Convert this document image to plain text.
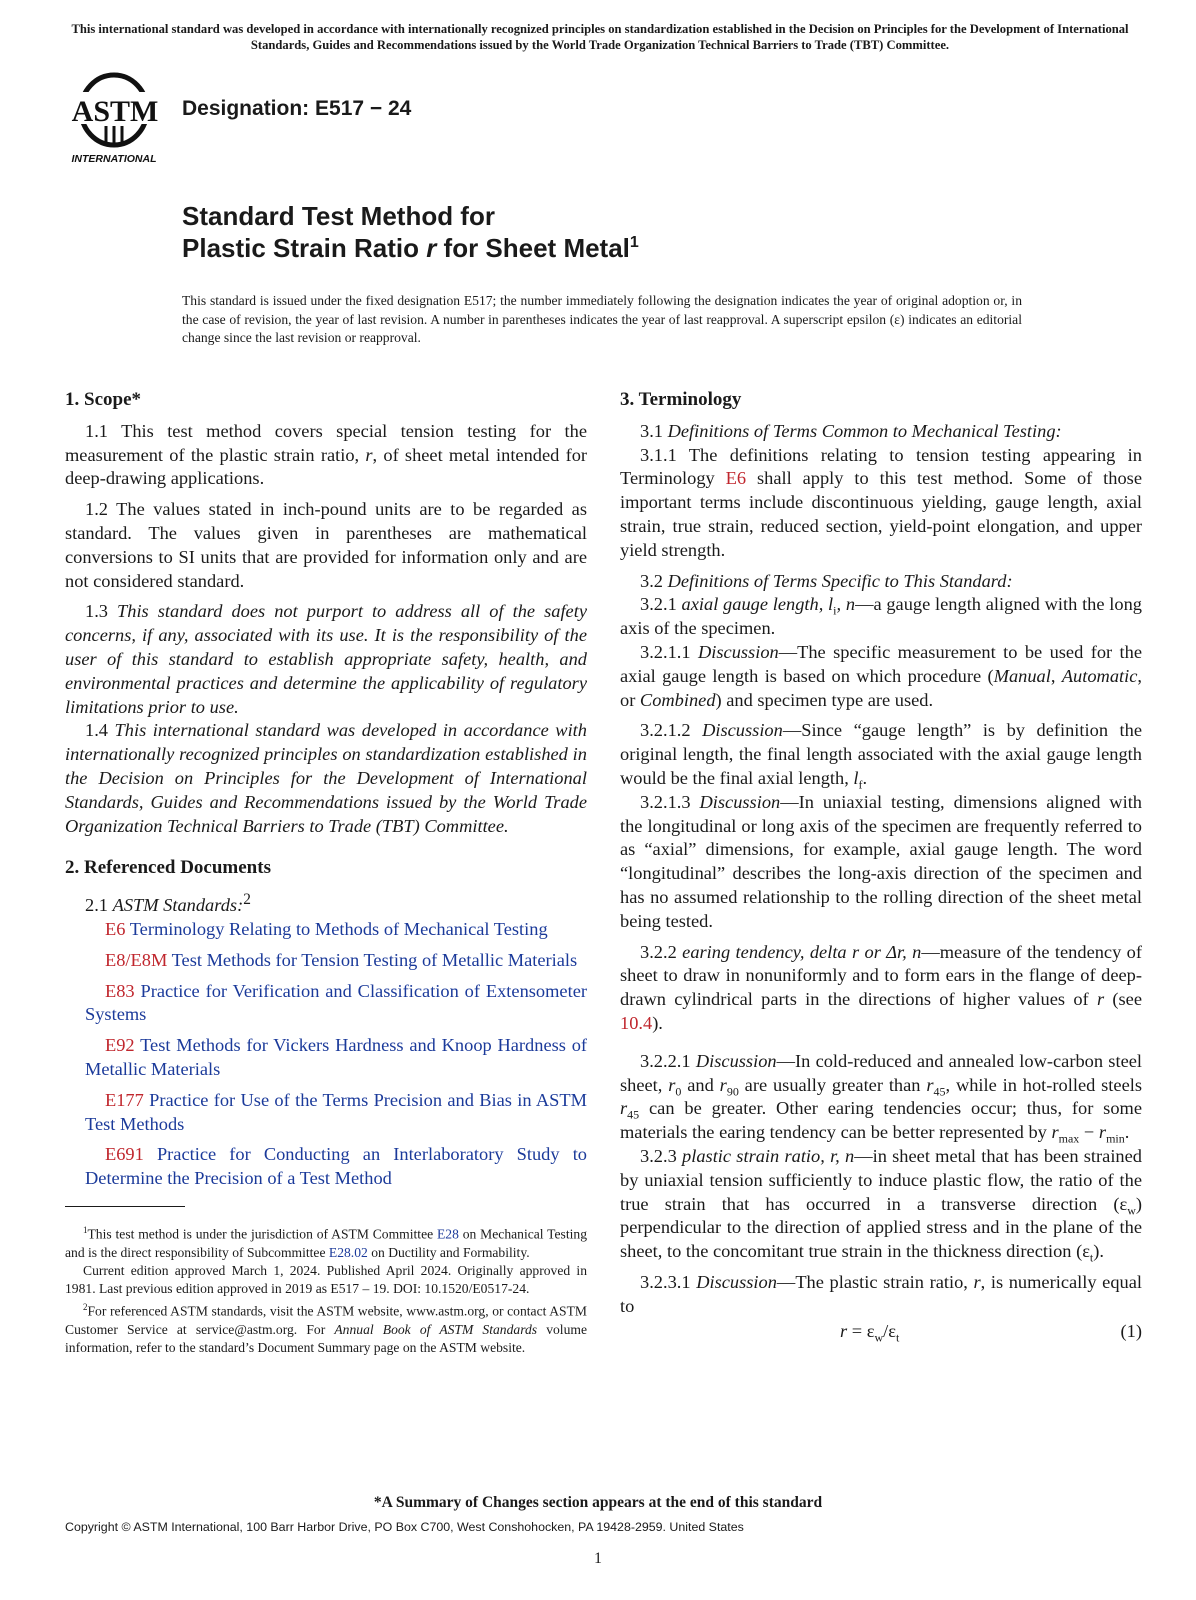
This international standard was developed in accordance with internationally recognized principles on standardization established in the Decision on Principles for the Development of International Standards, Guides and Recommendations issued by the World Trade Organization Technical Barriers to Trade (TBT) Committee.
ASTM
INTERNATIONAL
Designation: E517 − 24
Standard Test Method for
Plastic Strain Ratio r for Sheet Metal$^1$
This standard is issued under the fixed designation E517; the number immediately following the designation indicates the year of original adoption or, in the case of revision, the year of last revision. A number in parentheses indicates the year of last reapproval. A superscript epsilon (ε) indicates an editorial change since the last revision or reapproval.
1. Scope*

1.1 This test method covers special tension testing for the measurement of the plastic strain ratio, r, of sheet metal intended for deep-drawing applications.

1.2 The values stated in inch-pound units are to be regarded as standard. The values given in parentheses are mathematical conversions to SI units that are provided for information only and are not considered standard.

1.3 This standard does not purport to address all of the safety concerns, if any, associated with its use. It is the responsibility of the user of this standard to establish appropriate safety, health, and environmental practices and determine the applicability of regulatory limitations prior to use.

1.4 This international standard was developed in accordance with internationally recognized principles on standardization established in the Decision on Principles for the Development of International Standards, Guides and Recommendations issued by the World Trade Organization Technical Barriers to Trade (TBT) Committee.

2. Referenced Documents

2.1 ASTM Standards:$^2$

E6 Terminology Relating to Methods of Mechanical Testing

E8/E8M Test Methods for Tension Testing of Metallic Materials

E83 Practice for Verification and Classification of Extensometer Systems

E92 Test Methods for Vickers Hardness and Knoop Hardness of Metallic Materials

E177 Practice for Use of the Terms Precision and Bias in ASTM Test Methods

E691 Practice for Conducting an Interlaboratory Study to Determine the Precision of a Test Method

$^1$This test method is under the jurisdiction of ASTM Committee E28 on Mechanical Testing and is the direct responsibility of Subcommittee E28.02 on Ductility and Formability.

Current edition approved March 1, 2024. Published April 2024. Originally approved in 1981. Last previous edition approved in 2019 as E517 – 19. DOI: 10.1520/E0517-24.

$^2$For referenced ASTM standards, visit the ASTM website, www.astm.org, or contact ASTM Customer Service at service@astm.org. For Annual Book of ASTM Standards volume information, refer to the standard’s Document Summary page on the ASTM website.

3. Terminology

3.1 Definitions of Terms Common to Mechanical Testing:

3.1.1 The definitions relating to tension testing appearing in Terminology E6 shall apply to this test method. Some of those important terms include discontinuous yielding, gauge length, axial strain, true strain, reduced section, yield-point elongation, and upper yield strength.

3.2 Definitions of Terms Specific to This Standard:

3.2.1 axial gauge length, $l_i$, n—a gauge length aligned with the long axis of the specimen.

3.2.1.1 Discussion—The specific measurement to be used for the axial gauge length is based on which procedure (Manual, Automatic, or Combined) and specimen type are used.

3.2.1.2 Discussion—Since “gauge length” is by definition the original length, the final length associated with the axial gauge length would be the final axial length, $l_f$.

3.2.1.3 Discussion—In uniaxial testing, dimensions aligned with the longitudinal or long axis of the specimen are frequently referred to as “axial” dimensions, for example, axial gauge length. The word “longitudinal” describes the long-axis direction of the specimen and has no assumed relationship to the rolling direction of the sheet metal being tested.

3.2.2 earing tendency, delta r or Δr, n—measure of the tendency of sheet to draw in nonuniformly and to form ears in the flange of deep-drawn cylindrical parts in the directions of higher values of r (see 10.4).

3.2.2.1 Discussion—In cold-reduced and annealed low-carbon steel sheet, $r_0$ and $r_{90}$ are usually greater than $r_{45}$, while in hot-rolled steels $r_{45}$ can be greater. Other earing tendencies occur; thus, for some materials the earing tendency can be better represented by $r_{max} - r_{min}$.

3.2.3 plastic strain ratio, r, n—in sheet metal that has been strained by uniaxial tension sufficiently to induce plastic flow, the ratio of the true strain that has occurred in a transverse direction $(\varepsilon_w)$ perpendicular to the direction of applied stress and in the plane of the sheet, to the concomitant true strain in the thickness direction $(\varepsilon_t)$.

3.2.3.1 Discussion—The plastic strain ratio, r, is numerically equal to

$r = \varepsilon_w/\varepsilon_t$	(1)
*A Summary of Changes section appears at the end of this standard
Copyright © ASTM International, 100 Barr Harbor Drive, PO Box C700, West Conshohocken, PA 19428-2959. United States
1
